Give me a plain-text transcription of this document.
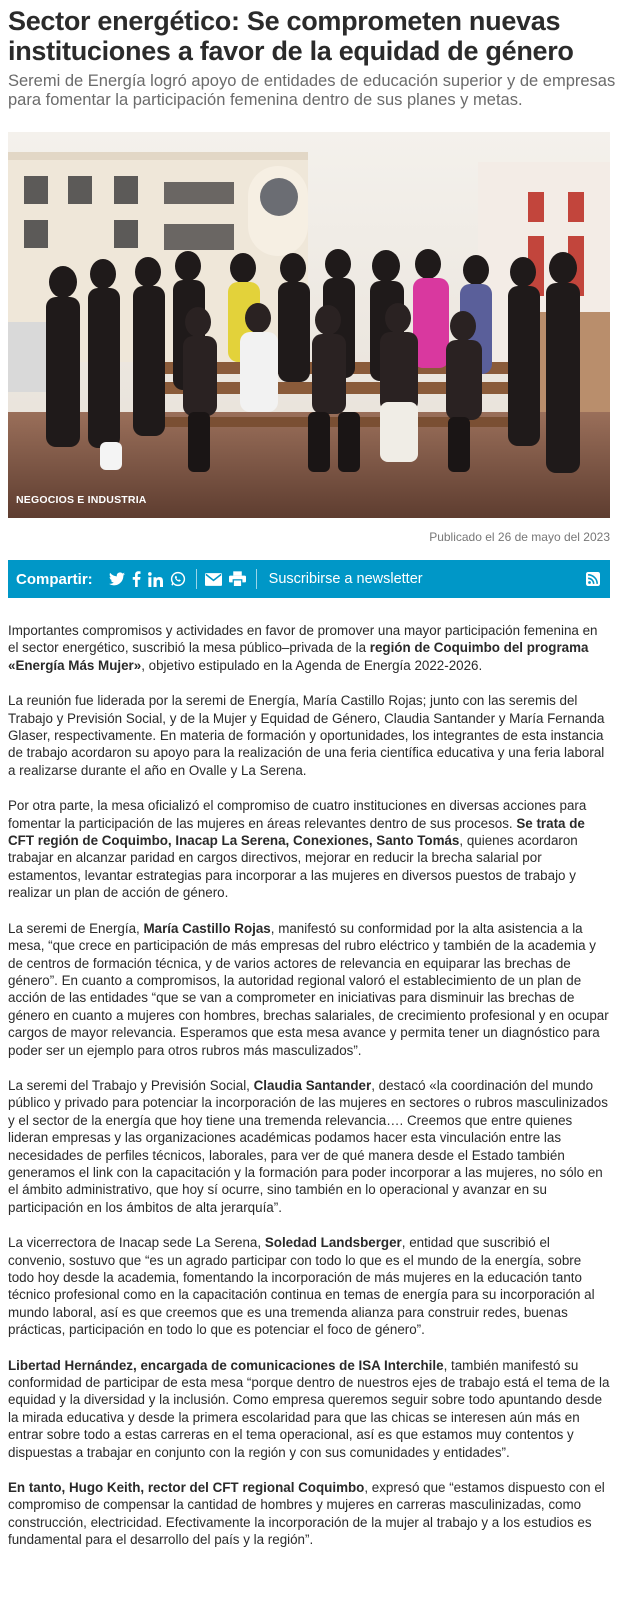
Sector energético: Se comprometen nuevas instituciones a favor de la equidad de género
Seremi de Energía logró apoyo de entidades de educación superior y de empresas para fomentar la participación femenina dentro de sus planes y metas.
NEGOCIOS E INDUSTRIA
Publicado el 26 de mayo del 2023
Compartir:	Suscribirse a newsletter

Importantes compromisos y actividades en favor de promover una mayor participación femenina en el sector energético, suscribió la mesa público–privada de la región de Coquimbo del programa «Energía Más Mujer», objetivo estipulado en la Agenda de Energía 2022-2026.

La reunión fue liderada por la seremi de Energía, María Castillo Rojas; junto con las seremis del Trabajo y Previsión Social, y de la Mujer y Equidad de Género, Claudia Santander y María Fernanda Glaser, respectivamente. En materia de formación y oportunidades, los integrantes de esta instancia de trabajo acordaron su apoyo para la realización de una feria científica educativa y una feria laboral a realizarse durante el año en Ovalle y La Serena.

Por otra parte, la mesa oficializó el compromiso de cuatro instituciones en diversas acciones para fomentar la participación de las mujeres en áreas relevantes dentro de sus procesos. Se trata de CFT región de Coquimbo, Inacap La Serena, Conexiones, Santo Tomás, quienes acordaron trabajar en alcanzar paridad en cargos directivos, mejorar en reducir la brecha salarial por estamentos, levantar estrategias para incorporar a las mujeres en diversos puestos de trabajo y realizar un plan de acción de género.

La seremi de Energía, María Castillo Rojas, manifestó su conformidad por la alta asistencia a la mesa, “que crece en participación de más empresas del rubro eléctrico y también de la academia y de centros de formación técnica, y de varios actores de relevancia en equiparar las brechas de género”. En cuanto a compromisos, la autoridad regional valoró el establecimiento de un plan de acción de las entidades “que se van a comprometer en iniciativas para disminuir las brechas de género en cuanto a mujeres con hombres, brechas salariales, de crecimiento profesional y en ocupar cargos de mayor relevancia. Esperamos que esta mesa avance y permita tener un diagnóstico para poder ser un ejemplo para otros rubros más masculizados”.

La seremi del Trabajo y Previsión Social, Claudia Santander, destacó «la coordinación del mundo público y privado para potenciar la incorporación de las mujeres en sectores o rubros masculinizados y el sector de la energía que hoy tiene una tremenda relevancia…. Creemos que entre quienes lideran empresas y las organizaciones académicas podamos hacer esta vinculación entre las necesidades de perfiles técnicos, laborales, para ver de qué manera desde el Estado también generamos el link con la capacitación y la formación para poder incorporar a las mujeres, no sólo en el ámbito administrativo, que hoy sí ocurre, sino también en lo operacional y avanzar en su participación en los ámbitos de alta jerarquía”.

La vicerrectora de Inacap sede La Serena, Soledad Landsberger, entidad que suscribió el convenio, sostuvo que “es un agrado participar con todo lo que es el mundo de la energía, sobre todo hoy desde la academia, fomentando la incorporación de más mujeres en la educación tanto técnico profesional como en la capacitación continua en temas de energía para su incorporación al mundo laboral, así es que creemos que es una tremenda alianza para construir redes, buenas prácticas, participación en todo lo que es potenciar el foco de género”.

Libertad Hernández, encargada de comunicaciones de ISA Interchile, también manifestó su conformidad de participar de esta mesa “porque dentro de nuestros ejes de trabajo está el tema de la equidad y la diversidad y la inclusión. Como empresa queremos seguir sobre todo apuntando desde la mirada educativa y desde la primera escolaridad para que las chicas se interesen aún más en entrar sobre todo a estas carreras en el tema operacional, así es que estamos muy contentos y dispuestas a trabajar en conjunto con la región y con sus comunidades y entidades”.

En tanto, Hugo Keith, rector del CFT regional Coquimbo, expresó que “estamos dispuesto con el compromiso de compensar la cantidad de hombres y mujeres en carreras masculinizadas, como construcción, electricidad. Efectivamente la incorporación de la mujer al trabajo y a los estudios es fundamental para el desarrollo del país y la región”.
